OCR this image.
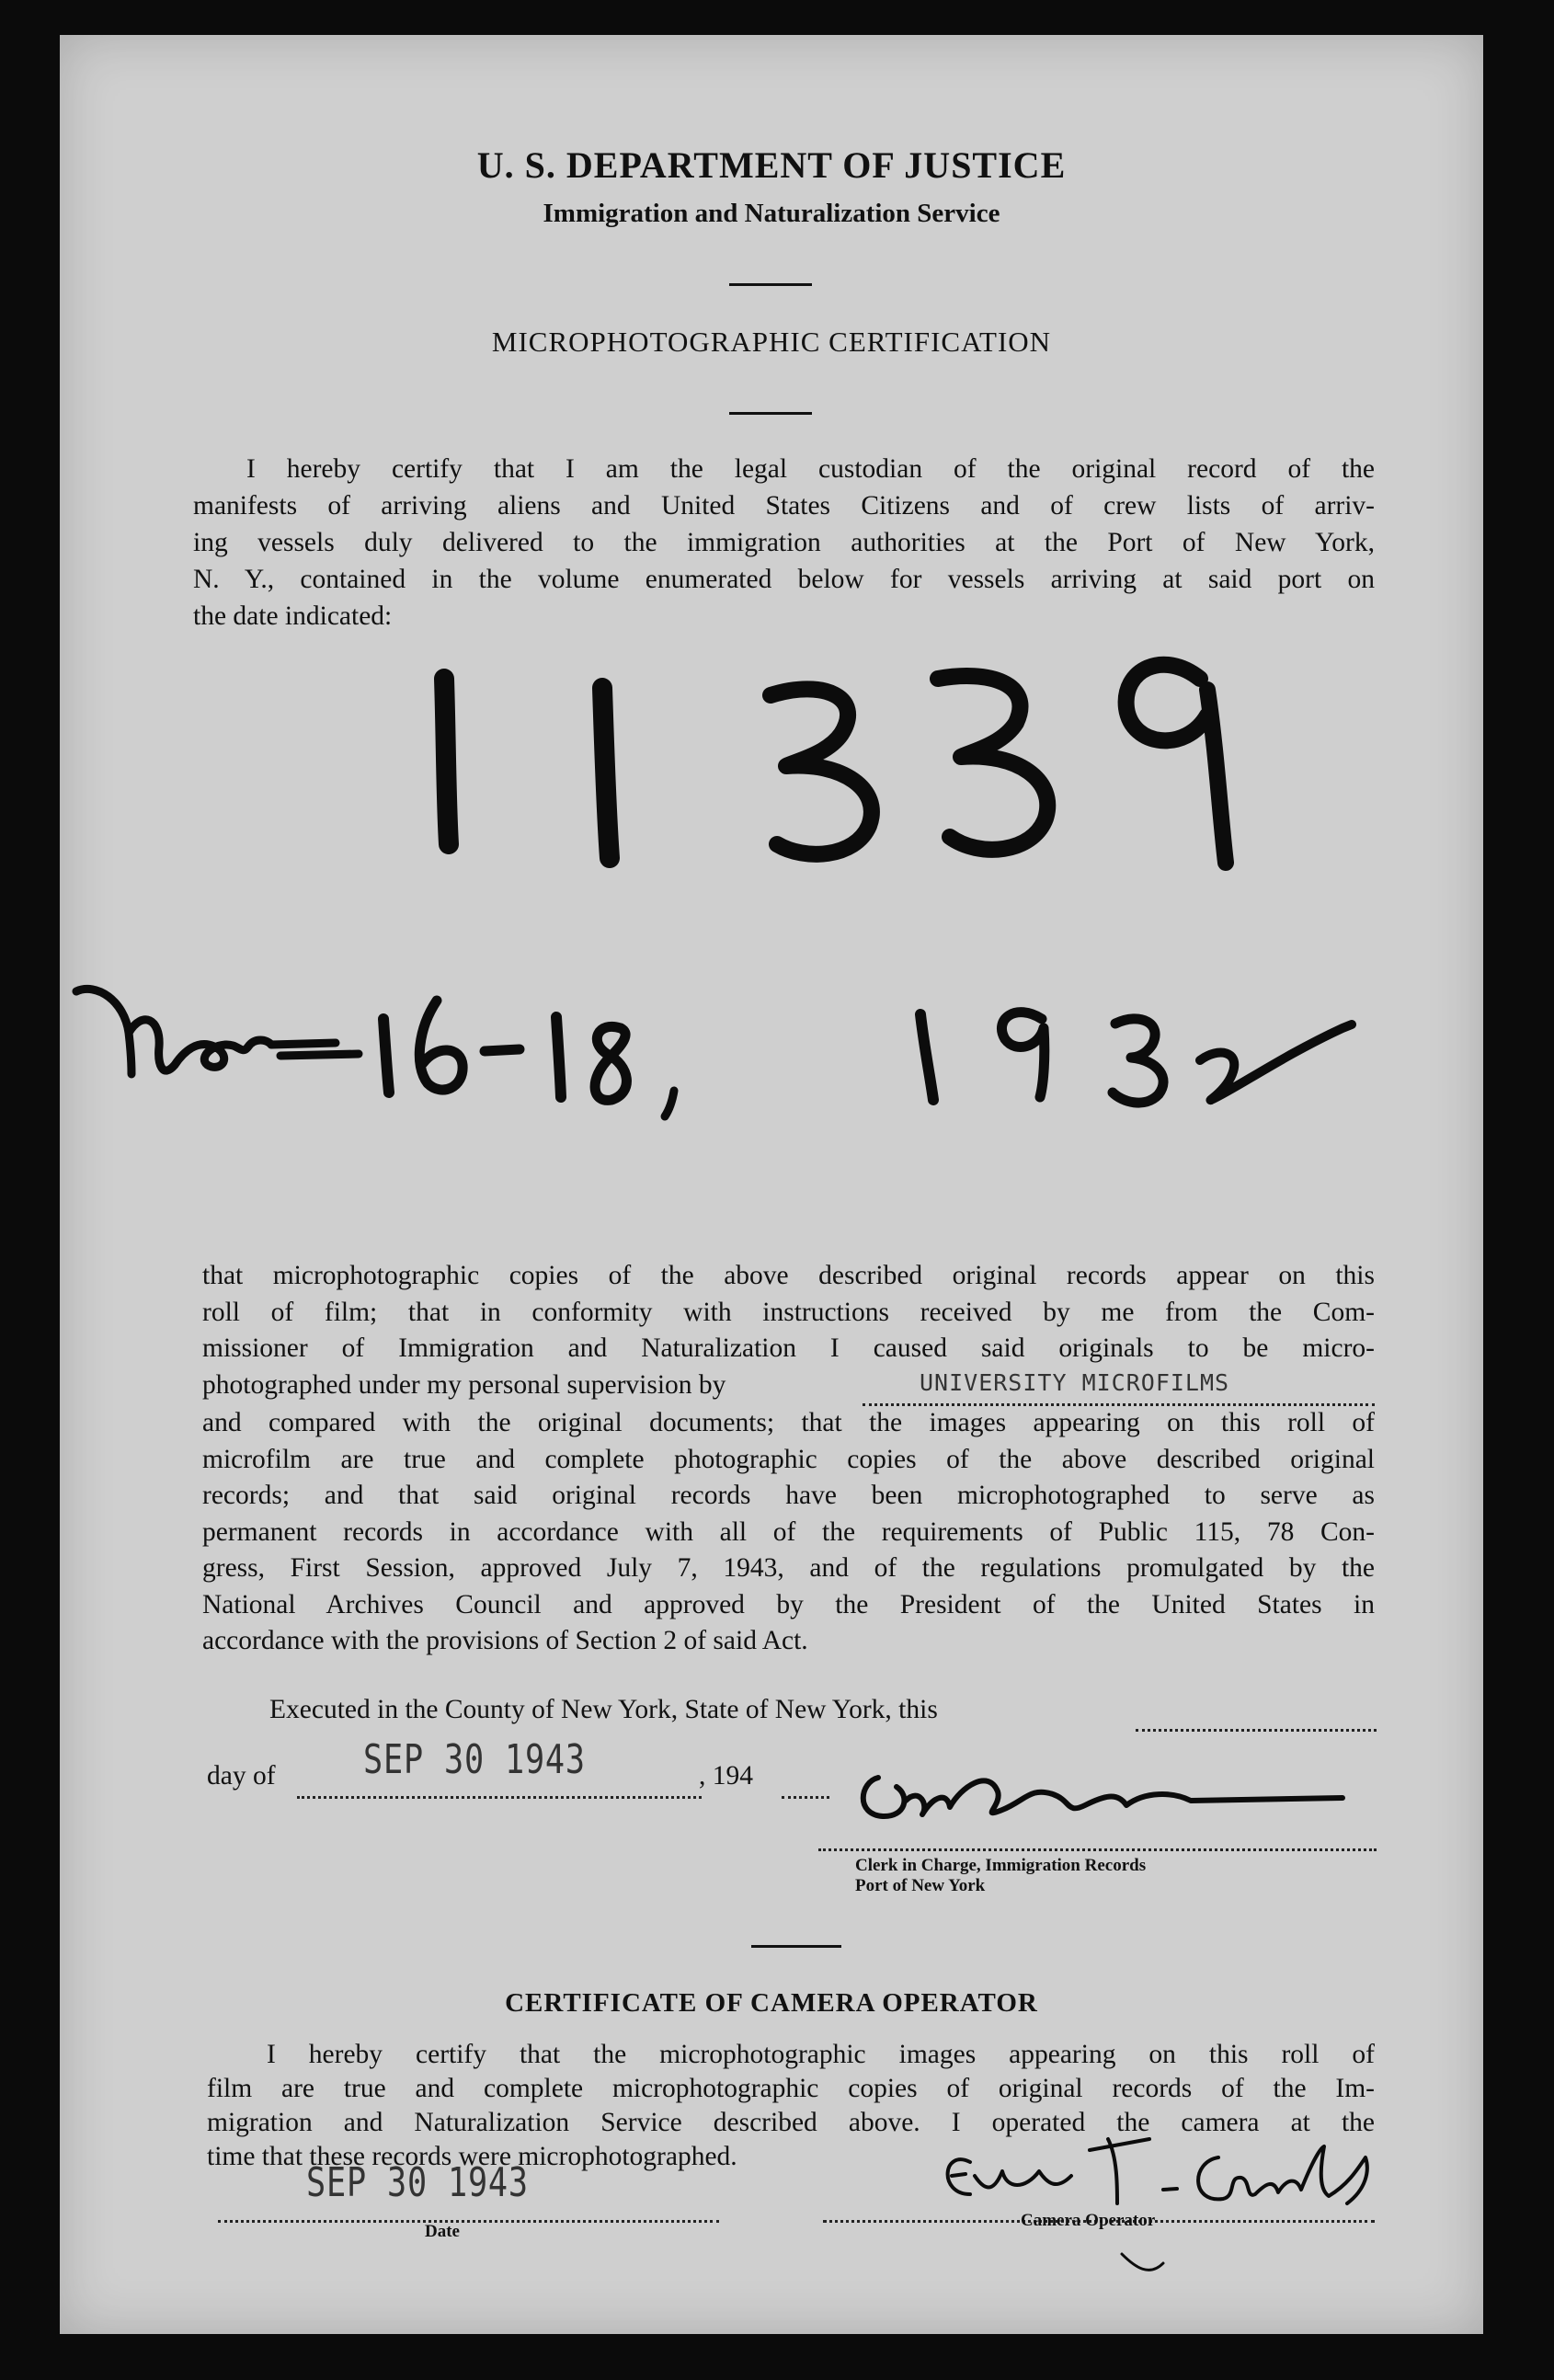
U. S. DEPARTMENT OF JUSTICE
Immigration and Naturalization Service
MICROPHOTOGRAPHIC CERTIFICATION
I hereby certify that I am the legal custodian of the original record of the
manifests of arriving aliens and United States Citizens and of crew lists of arriv-
ing vessels duly delivered to the immigration authorities at the Port of New York,
N. Y., contained in the volume enumerated below for vessels arriving at said port on
the date indicated:
that microphotographic copies of the above described original records appear on this
roll of film; that in conformity with instructions received by me from the Com-
missioner of Immigration and Naturalization I caused said originals to be micro-
photographed under my personal supervision by	UNIVERSITY MICROFILMS
and compared with the original documents; that the images appearing on this roll of
microfilm are true and complete photographic copies of the above described original
records; and that said original records have been microphotographed to serve as
permanent records in accordance with all of the requirements of Public 115, 78 Con-
gress, First Session, approved July 7, 1943, and of the regulations promulgated by the
National Archives Council and approved by the President of the United States in
accordance with the provisions of Section 2 of said Act.
Executed in the County of New York, State of New York, this
day of SEP 30 1943	, 194
Clerk in Charge, Immigration Records
Port of New York
CERTIFICATE OF CAMERA OPERATOR
I hereby certify that the microphotographic images appearing on this roll of
film are true and complete microphotographic copies of original records of the Im-
migration and Naturalization Service described above. I operated the camera at the
time that these records were microphotographed.
SEP 30 1943
Date
Camera Operator
